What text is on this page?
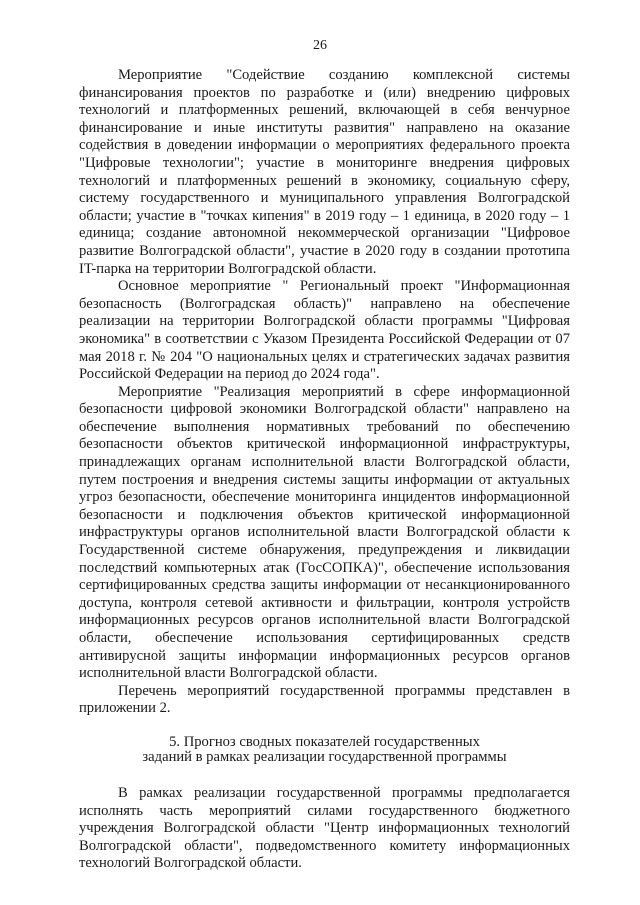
26

Мероприятие "Содействие созданию комплексной системы финансирования проектов по разработке и (или) внедрению цифровых технологий и платформенных решений, включающей в себя венчурное финансирование и иные институты развития" направлено на оказание содействия в доведении информации о мероприятиях федерального проекта "Цифровые технологии"; участие в мониторинге внедрения цифровых технологий и платформенных решений в экономику, социальную сферу, систему государственного и муниципального управления Волгоградской области; участие в "точках кипения" в 2019 году – 1 единица, в 2020 году – 1 единица; создание автономной некоммерческой организации "Цифровое развитие Волгоградской области", участие в 2020 году в создании прототипа IT-парка на территории Волгоградской области.

Основное мероприятие " Региональный проект "Информационная безопасность (Волгоградская область)" направлено на обеспечение реализации на территории Волгоградской области программы "Цифровая экономика" в соответствии с Указом Президента Российской Федерации от 07 мая 2018 г. № 204 "О национальных целях и стратегических задачах развития Российской Федерации на период до 2024 года".

Мероприятие "Реализация мероприятий в сфере информационной безопасности цифровой экономики Волгоградской области" направлено на обеспечение выполнения нормативных требований по обеспечению безопасности объектов критической информационной инфраструктуры, принадлежащих органам исполнительной власти Волгоградской области, путем построения и внедрения системы защиты информации от актуальных угроз безопасности, обеспечение мониторинга инцидентов информационной безопасности и подключения объектов критической информационной инфраструктуры органов исполнительной власти Волгоградской области к Государственной системе обнаружения, предупреждения и ликвидации последствий компьютерных атак (ГосСОПКА)", обеспечение использования сертифицированных средства защиты информации от несанкционированного доступа, контроля сетевой активности и фильтрации, контроля устройств информационных ресурсов органов исполнительной власти Волгоградской области, обеспечение использования сертифицированных средств антивирусной защиты информации информационных ресурсов органов исполнительной власти Волгоградской области.

Перечень мероприятий государственной программы представлен в приложении 2.

5. Прогноз сводных показателей государственных
заданий в рамках реализации государственной программы

В рамках реализации государственной программы предполагается исполнять часть мероприятий силами государственного бюджетного учреждения Волгоградской области "Центр информационных технологий Волгоградской области", подведомственного комитету информационных технологий Волгоградской области.
